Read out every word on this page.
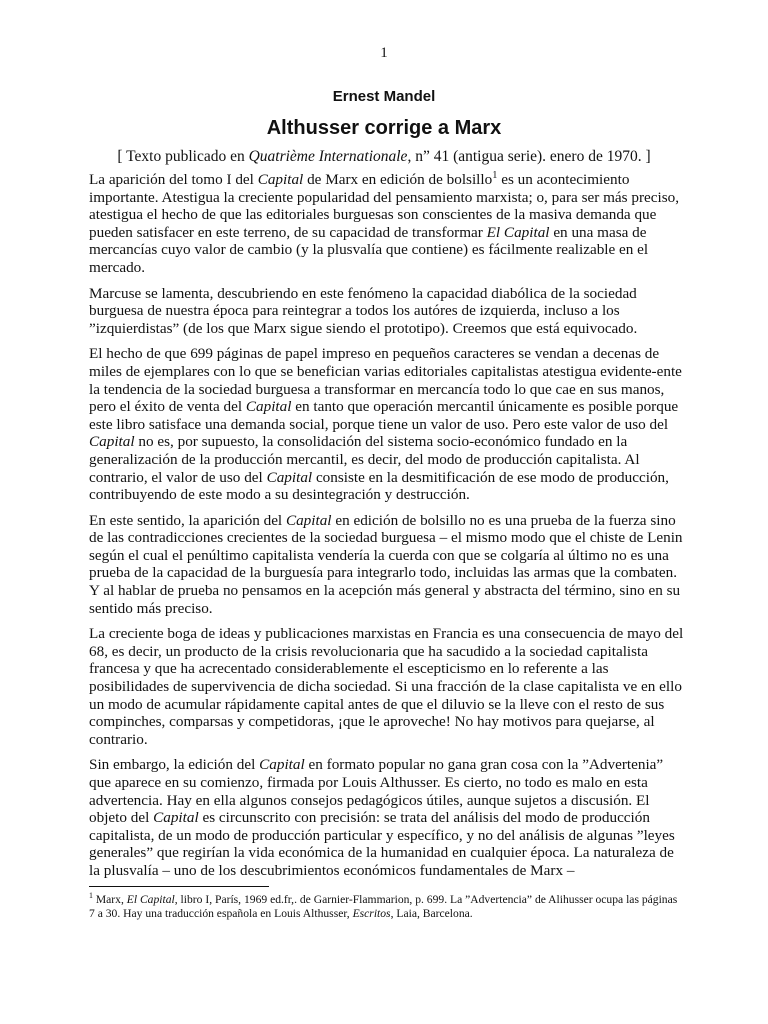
1
Ernest Mandel
Althusser corrige a Marx
[ Texto publicado en Quatrième Internationale, n” 41 (antigua serie). enero de 1970. ]

La aparición del tomo I del Capital de Marx en edición de bolsillo$^1$ es un acontecimiento importante. Atestigua la creciente popularidad del pensamiento marxista; o, para ser más preciso, atestigua el hecho de que las editoriales burguesas son conscientes de la masiva demanda que pueden satisfacer en este terreno, de su capacidad de transformar El Capital en una masa de mercancías cuyo valor de cambio (y la plusvalía que contiene) es fácilmente realizable en el mercado.

Marcuse se lamenta, descubriendo en este fenómeno la capacidad diabólica de la sociedad burguesa de nuestra época para reintegrar a todos los autóres de izquierda, incluso a los ”izquierdistas” (de los que Marx sigue siendo el prototipo). Creemos que está equivocado.

El hecho de que 699 páginas de papel impreso en pequeños caracteres se vendan a decenas de miles de ejemplares con lo que se benefician varias editoriales capitalistas atestigua evidente-ente la tendencia de la sociedad burguesa a transformar en mercancía todo lo que cae en sus manos, pero el éxito de venta del Capital en tanto que operación mercantil únicamente es posible porque este libro satisface una demanda social, porque tiene un valor de uso. Pero este valor de uso del Capital no es, por supuesto, la consolidación del sistema socio-económico fundado en la generalización de la producción mercantil, es decir, del modo de producción capitalista. Al contrario, el valor de uso del Capital consiste en la desmitificación de ese modo de producción, contribuyendo de este modo a su desintegración y destrucción.

En este sentido, la aparición del Capital en edición de bolsillo no es una prueba de la fuerza sino de las contradicciones crecientes de la sociedad burguesa – el mismo modo que el chiste de Lenin según el cual el penúltimo capitalista vendería la cuerda con que se colgaría al último no es una prueba de la capacidad de la burguesía para integrarlo todo, incluidas las armas que la combaten. Y al hablar de prueba no pensamos en la acepción más general y abstracta del término, sino en su sentido más preciso.

La creciente boga de ideas y publicaciones marxistas en Francia es una consecuencia de mayo del 68, es decir, un producto de la crisis revolucionaria que ha sacudido a la sociedad capitalista francesa y que ha acrecentado considerablemente el escepticismo en lo referente a las posibilidades de supervivencia de dicha sociedad. Si una fracción de la clase capitalista ve en ello un modo de acumular rápidamente capital antes de que el diluvio se la lleve con el resto de sus compinches, comparsas y competidoras, ¡que le aproveche! No hay motivos para quejarse, al contrario.

Sin embargo, la edición del Capital en formato popular no gana gran cosa con la ”Advertenia” que aparece en su comienzo, firmada por Louis Althusser. Es cierto, no todo es malo en esta advertencia. Hay en ella algunos consejos pedagógicos útiles, aunque sujetos a discusión. El objeto del Capital es circunscrito con precisión: se trata del análisis del modo de producción capitalista, de un modo de producción particular y específico, y no del análisis de algunas ”leyes generales” que regirían la vida económica de la humanidad en cualquier época. La naturaleza de la plusvalía – uno de los descubrimientos económicos fundamentales de Marx –

$^1$ Marx, El Capital, libro I, París, 1969 ed.fr,. de Garnier-Flammarion, p. 699. La ”Advertencia” de Alihusser ocupa las páginas 7 a 30. Hay una traducción española en Louis Althusser, Escritos, Laia, Barcelona.
